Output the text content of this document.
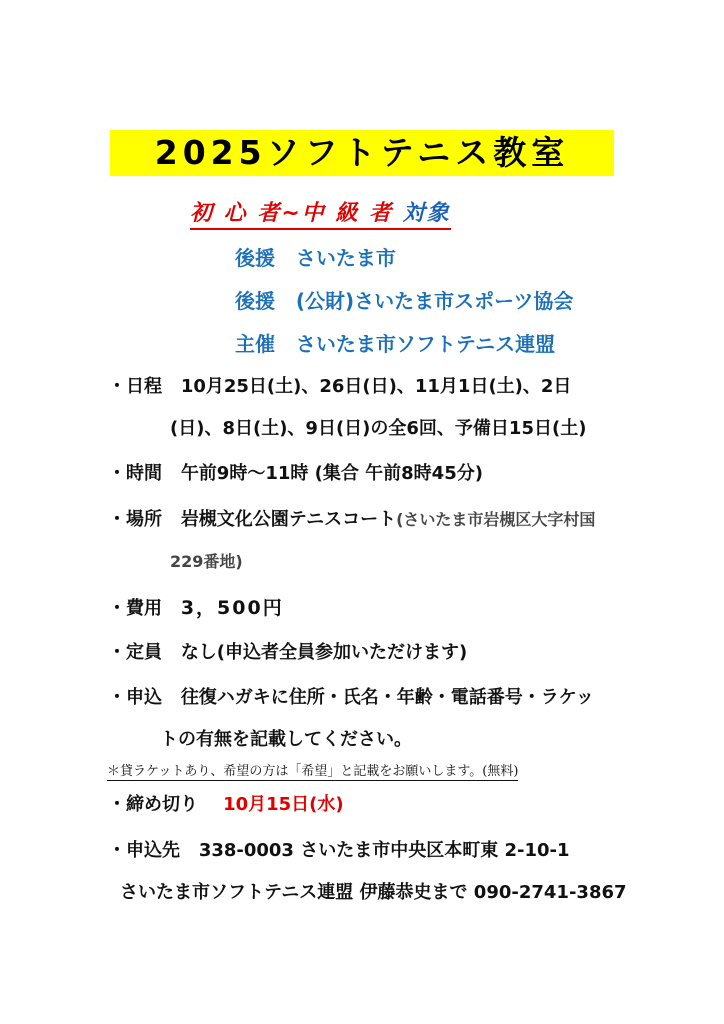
2025ソフトテニス教室
初 心 者~中 級 者 対象
後援 さいたま市
後援 (公財)さいたま市スポーツ協会
主催 さいたま市ソフトテニス連盟
・日程 10月25日(土)、26日(日)、11月1日(土)、2日
(日)、8日(土)、9日(日)の全6回、予備日15日(土)
・時間 午前9時～11時 (集合 午前8時45分)
・場所 岩槻文化公園テニスコート(さいたま市岩槻区大字村国
229番地)
・費用 3，500円
・定員 なし(申込者全員参加いただけます)
・申込 往復ハガキに住所・氏名・年齢・電話番号・ラケッ
トの有無を記載してください。
＊貸ラケットあり、希望の方は「希望」と記載をお願いします。(無料)
・締め切り 10月15日(水)
・申込先 338-0003 さいたま市中央区本町東 2-10-1
さいたま市ソフトテニス連盟 伊藤恭史まで 090-2741-3867
